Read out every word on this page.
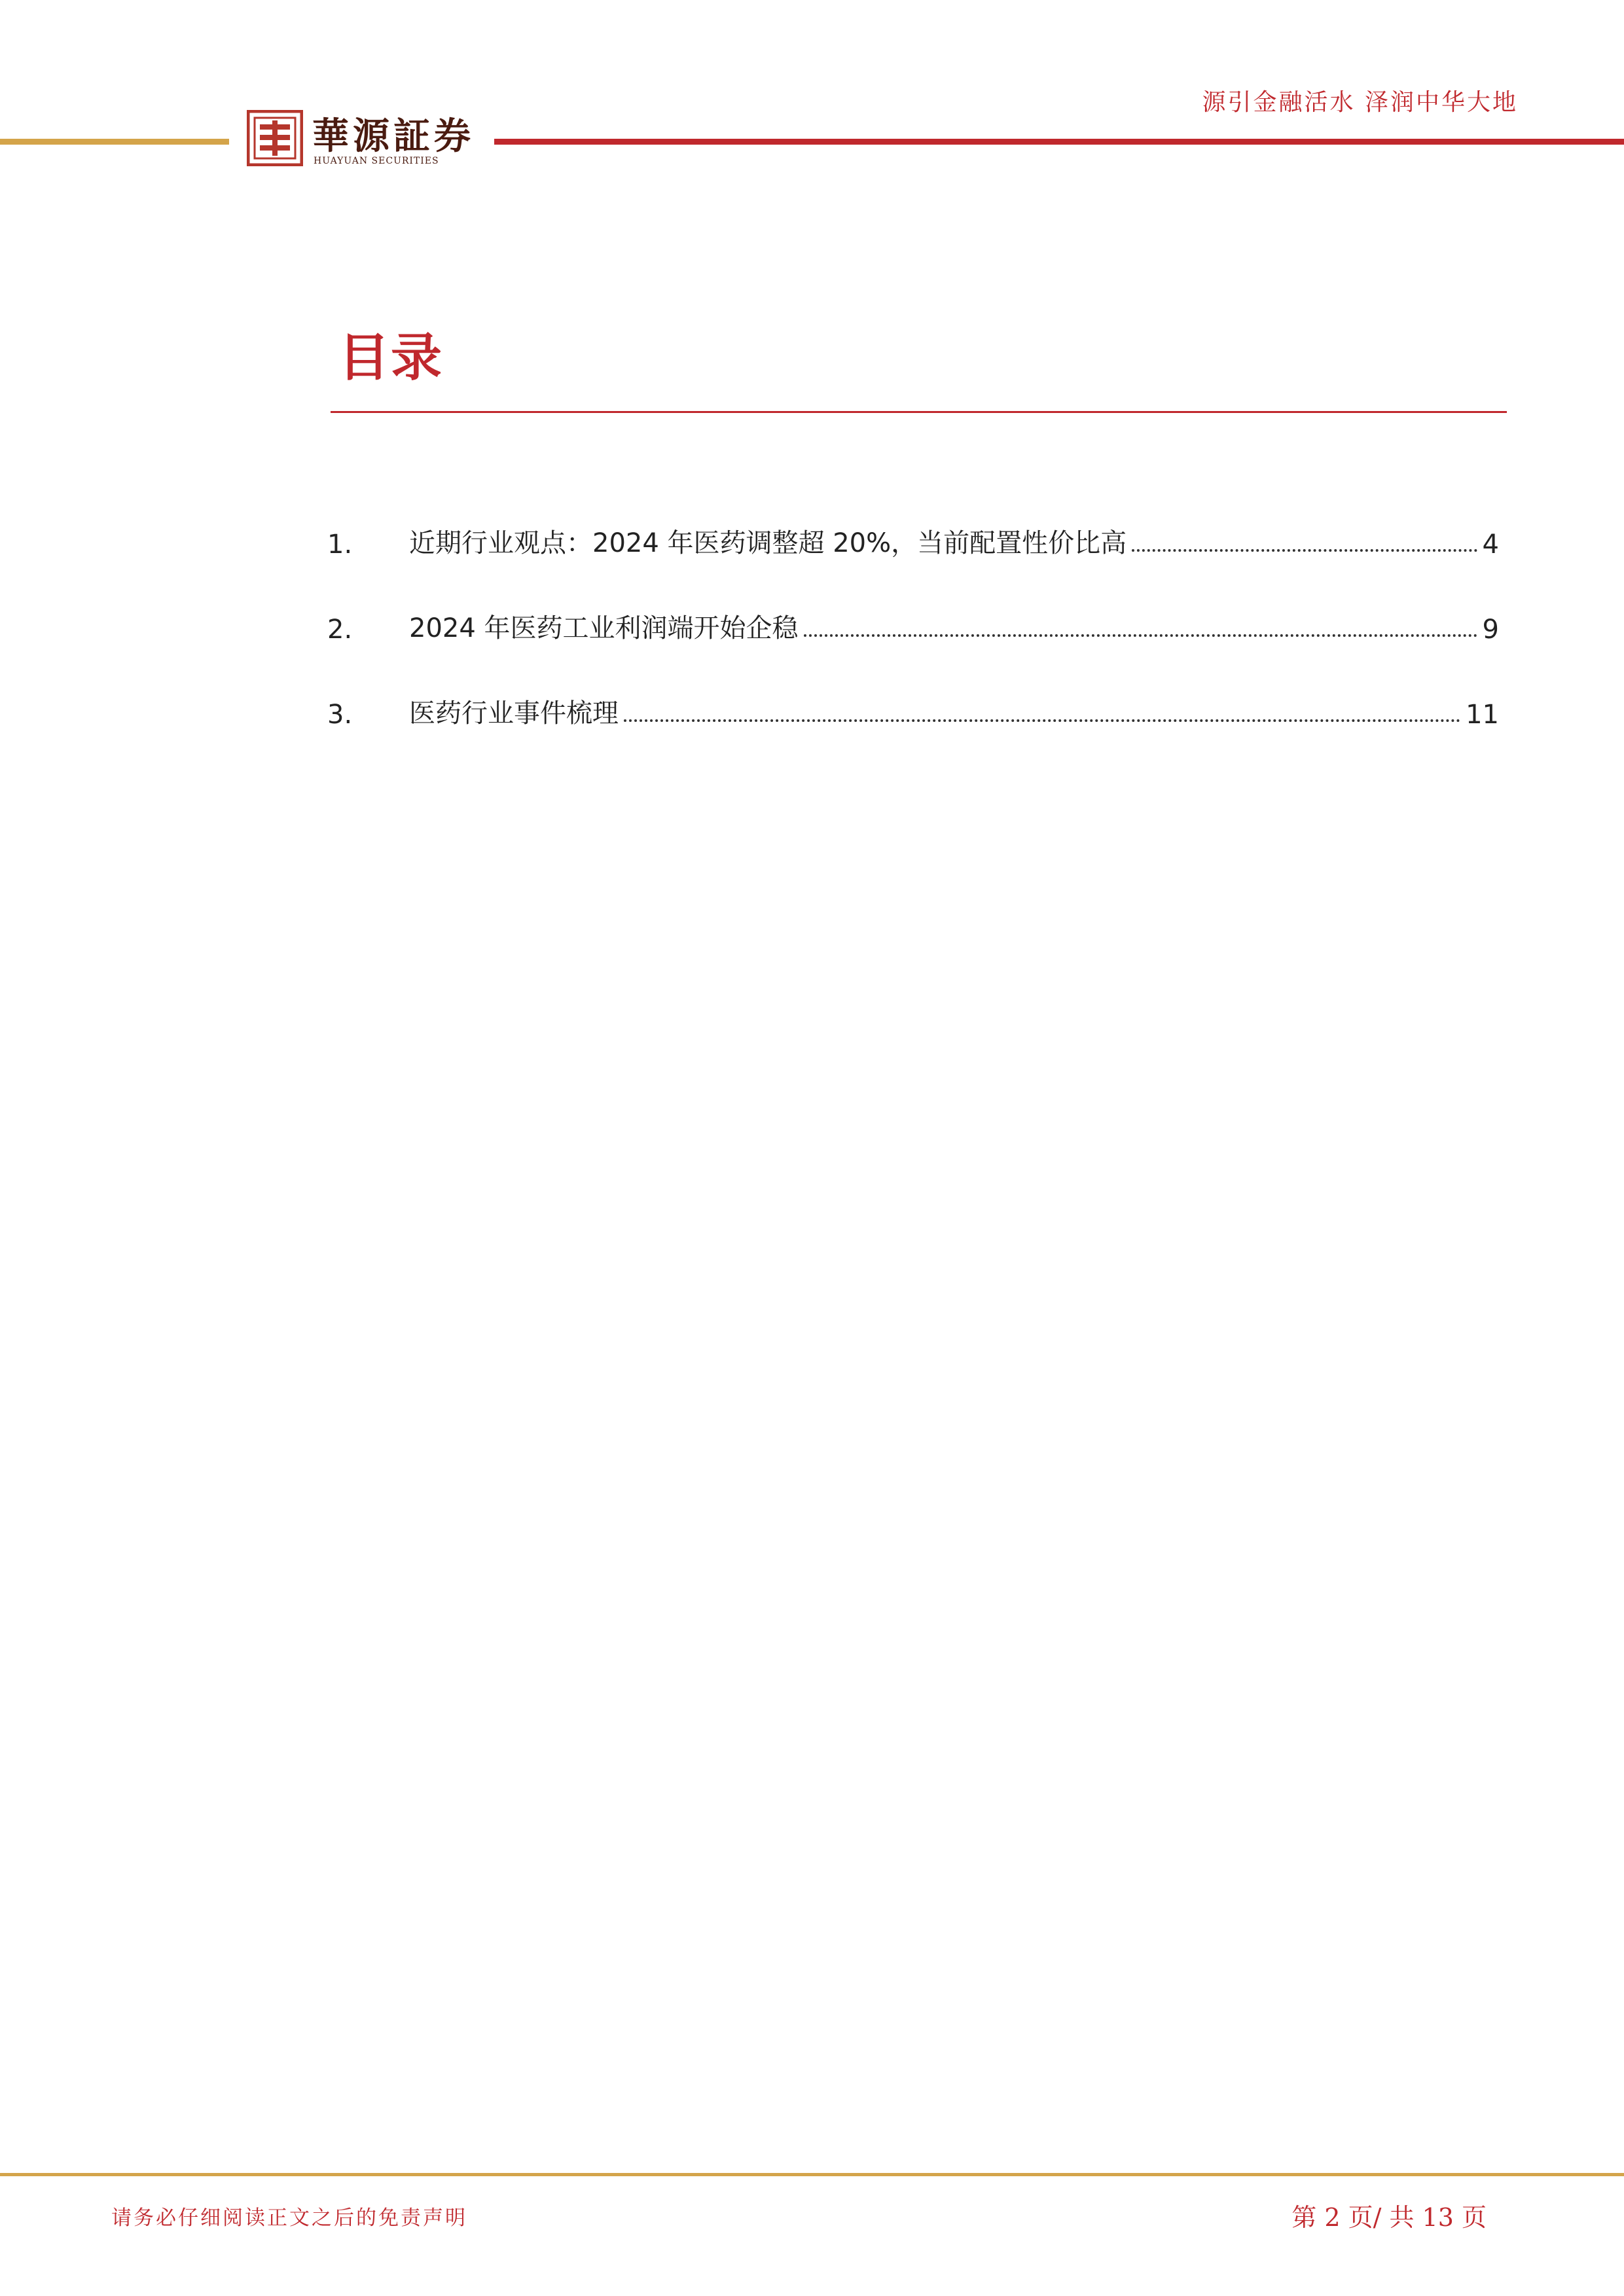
華源証券
HUAYUAN SECURITIES
源引金融活水 泽润中华大地
目录
1.	近期行业观点：2024 年医药调整超 20%，当前配置性价比高	4
2.	2024 年医药工业利润端开始企稳	9
3.	医药行业事件梳理	11
请务必仔细阅读正文之后的免责声明	第 2 页/ 共 13 页
